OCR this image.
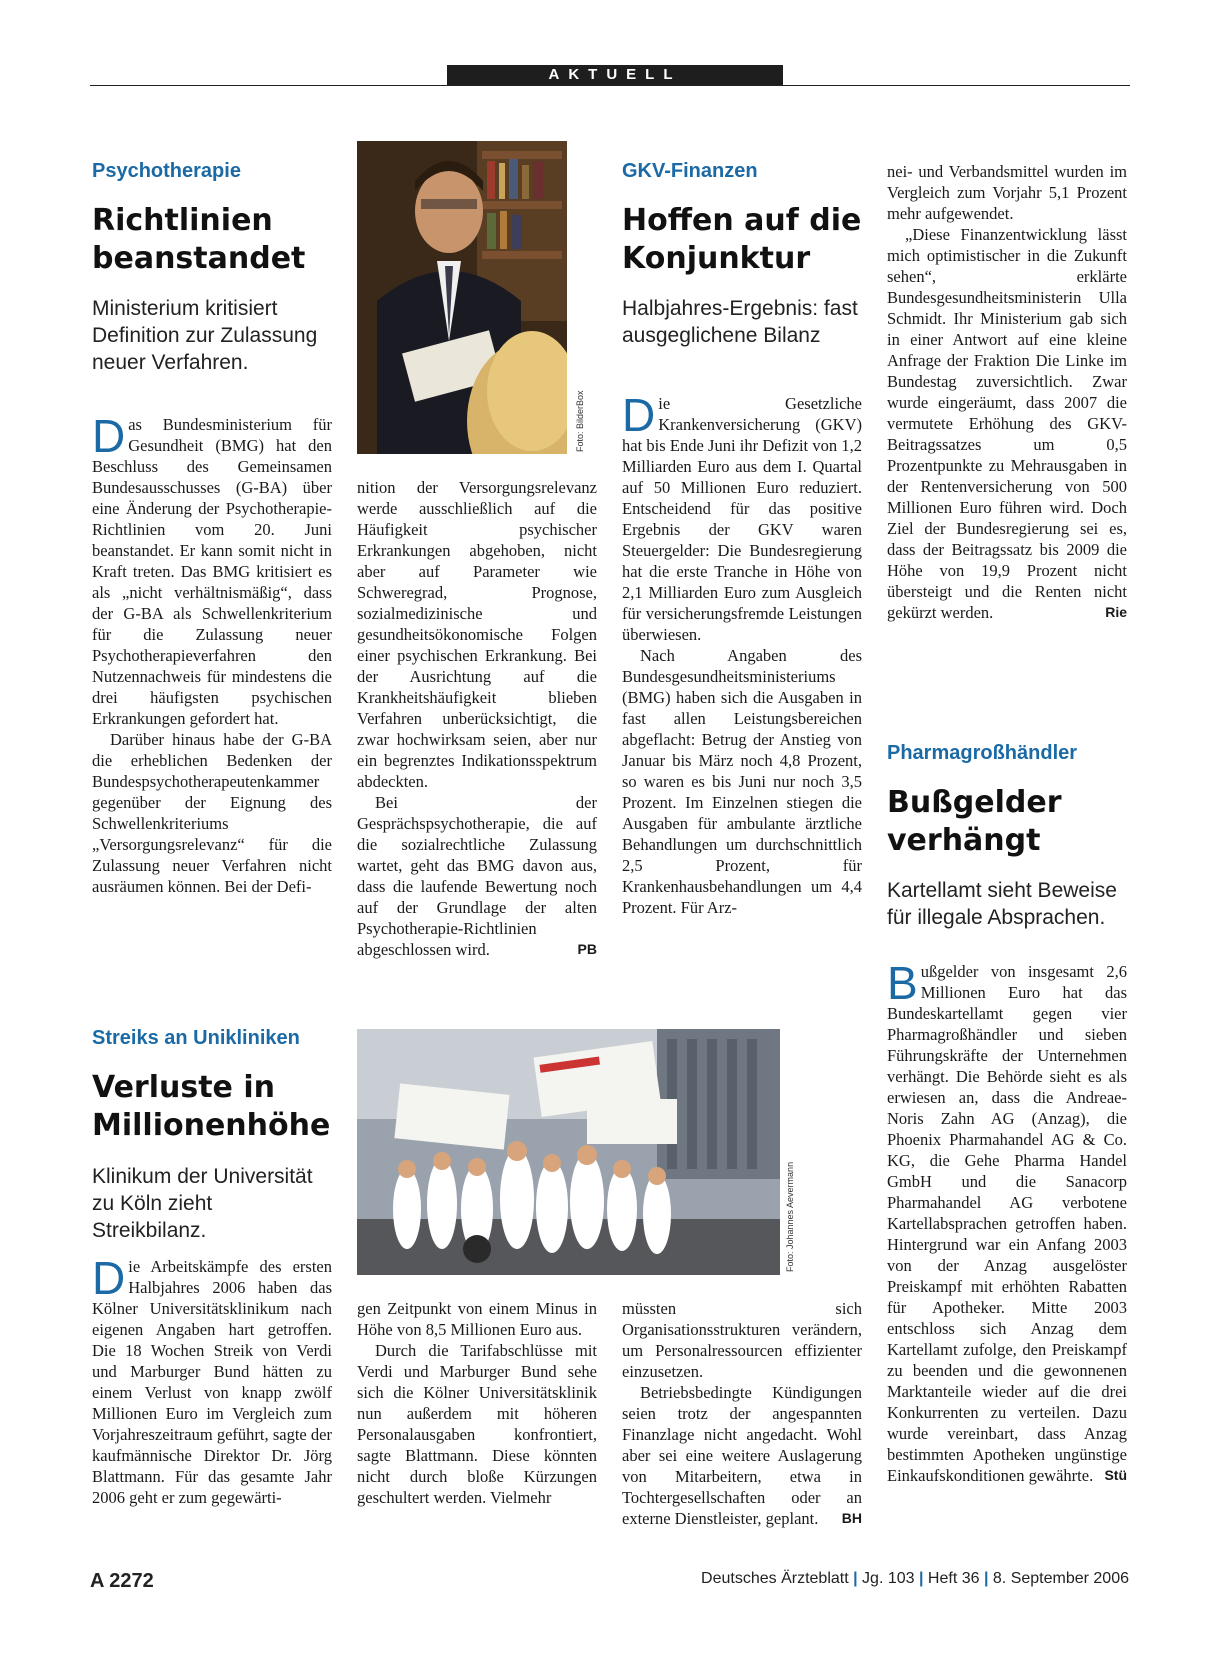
AKTUELL
Psychotherapie
Richtlinien beanstandet
Ministerium kritisiert Definition zur Zulassung neuer Verfahren.
Foto: BilderBox

Das Bundesministerium für Gesundheit (BMG) hat den Beschluss des Gemeinsamen Bundesausschusses (G-BA) über eine Änderung der Psychotherapie-Richtlinien vom 20. Juni beanstandet. Er kann somit nicht in Kraft treten. Das BMG kritisiert es als „nicht verhältnismäßig“, dass der G-BA als Schwellenkriterium für die Zulassung neuer Psychotherapieverfahren den Nutzennachweis für mindestens die drei häufigsten psychischen Erkrankungen gefordert hat.

Darüber hinaus habe der G-BA die erheblichen Bedenken der Bundespsychotherapeutenkammer gegenüber der Eignung des Schwellenkriteriums „Versorgungsrelevanz“ für die Zulassung neuer Verfahren nicht ausräumen können. Bei der Defi-

nition der Versorgungsrelevanz werde ausschließlich auf die Häufigkeit psychischer Erkrankungen abgehoben, nicht aber auf Parameter wie Schweregrad, Prognose, sozialmedizinische und gesundheitsökonomische Folgen einer psychischen Erkrankung. Bei der Ausrichtung auf die Krankheitshäufigkeit blieben Verfahren unberücksichtigt, die zwar hochwirksam seien, aber nur ein begrenztes Indikationsspektrum abdeckten.

Bei der Gesprächspsychotherapie, die auf die sozialrechtliche Zulassung wartet, geht das BMG davon aus, dass die laufende Bewertung noch auf der Grundlage der alten Psychotherapie-Richtlinien abgeschlossen wird.	PB

GKV-Finanzen
Hoffen auf die Konjunktur
Halbjahres-Ergebnis: fast ausgeglichene Bilanz

Die Gesetzliche Krankenversicherung (GKV) hat bis Ende Juni ihr Defizit von 1,2 Milliarden Euro aus dem I. Quartal auf 50 Millionen Euro reduziert. Entscheidend für das positive Ergebnis der GKV waren Steuergelder: Die Bundesregierung hat die erste Tranche in Höhe von 2,1 Milliarden Euro zum Ausgleich für versicherungsfremde Leistungen überwiesen.

Nach Angaben des Bundesgesundheitsministeriums (BMG) haben sich die Ausgaben in fast allen Leistungsbereichen abgeflacht: Betrug der Anstieg von Januar bis März noch 4,8 Prozent, so waren es bis Juni nur noch 3,5 Prozent. Im Einzelnen stiegen die Ausgaben für ambulante ärztliche Behandlungen um durchschnittlich 2,5 Prozent, für Krankenhausbehandlungen um 4,4 Prozent. Für Arz-

nei- und Verbandsmittel wurden im Vergleich zum Vorjahr 5,1 Prozent mehr aufgewendet.

„Diese Finanzentwicklung lässt mich optimistischer in die Zukunft sehen“, erklärte Bundesgesundheitsministerin Ulla Schmidt. Ihr Ministerium gab sich in einer Antwort auf eine kleine Anfrage der Fraktion Die Linke im Bundestag zuversichtlich. Zwar wurde eingeräumt, dass 2007 die vermutete Erhöhung des GKV-Beitragssatzes um 0,5 Prozentpunkte zu Mehrausgaben in der Rentenversicherung von 500 Millionen Euro führen wird. Doch Ziel der Bundesregierung sei es, dass der Beitragssatz bis 2009 die Höhe von 19,9 Prozent nicht übersteigt und die Renten nicht gekürzt werden.	Rie

Pharmagroßhändler
Bußgelder verhängt
Kartellamt sieht Beweise für illegale Absprachen.

Bußgelder von insgesamt 2,6 Millionen Euro hat das Bundeskartellamt gegen vier Pharmagroßhändler und sieben Führungskräfte der Unternehmen verhängt. Die Behörde sieht es als erwiesen an, dass die Andreae-Noris Zahn AG (Anzag), die Phoenix Pharmahandel AG & Co. KG, die Gehe Pharma Handel GmbH und die Sanacorp Pharmahandel AG verbotene Kartellabsprachen getroffen haben. Hintergrund war ein Anfang 2003 von der Anzag ausgelöster Preiskampf mit erhöhten Rabatten für Apotheker. Mitte 2003 entschloss sich Anzag dem Kartellamt zufolge, den Preiskampf zu beenden und die gewonnenen Marktanteile wieder auf die drei Konkurrenten zu verteilen. Dazu wurde vereinbart, dass Anzag bestimmten Apotheken ungünstige Einkaufskonditionen gewährte. Stü

Streiks an Unikliniken
Verluste in Millionenhöhe
Klinikum der Universität zu Köln zieht Streikbilanz.	Foto: Johannes Aevermann

Die Arbeitskämpfe des ersten Halbjahres 2006 haben das Kölner Universitätsklinikum nach eigenen Angaben hart getroffen. Die 18 Wochen Streik von Verdi und Marburger Bund hätten zu einem Verlust von knapp zwölf Millionen Euro im Vergleich zum Vorjahreszeitraum geführt, sagte der kaufmännische Direktor Dr. Jörg Blattmann. Für das gesamte Jahr 2006 geht er zum gegewärti-

gen Zeitpunkt von einem Minus in Höhe von 8,5 Millionen Euro aus.

Durch die Tarifabschlüsse mit Verdi und Marburger Bund sehe sich die Kölner Universitätsklinik nun außerdem mit höheren Personalausgaben konfrontiert, sagte Blattmann. Diese könnten nicht durch bloße Kürzungen geschultert werden. Vielmehr

müssten sich Organisationsstrukturen verändern, um Personalressourcen effizienter einzusetzen.

Betriebsbedingte Kündigungen seien trotz der angespannten Finanzlage nicht angedacht. Wohl aber sei eine weitere Auslagerung von Mitarbeitern, etwa in Tochtergesellschaften oder an externe Dienstleister, geplant.	BH

A 2272	Deutsches Ärzteblatt | Jg. 103 | Heft 36 | 8. September 2006
